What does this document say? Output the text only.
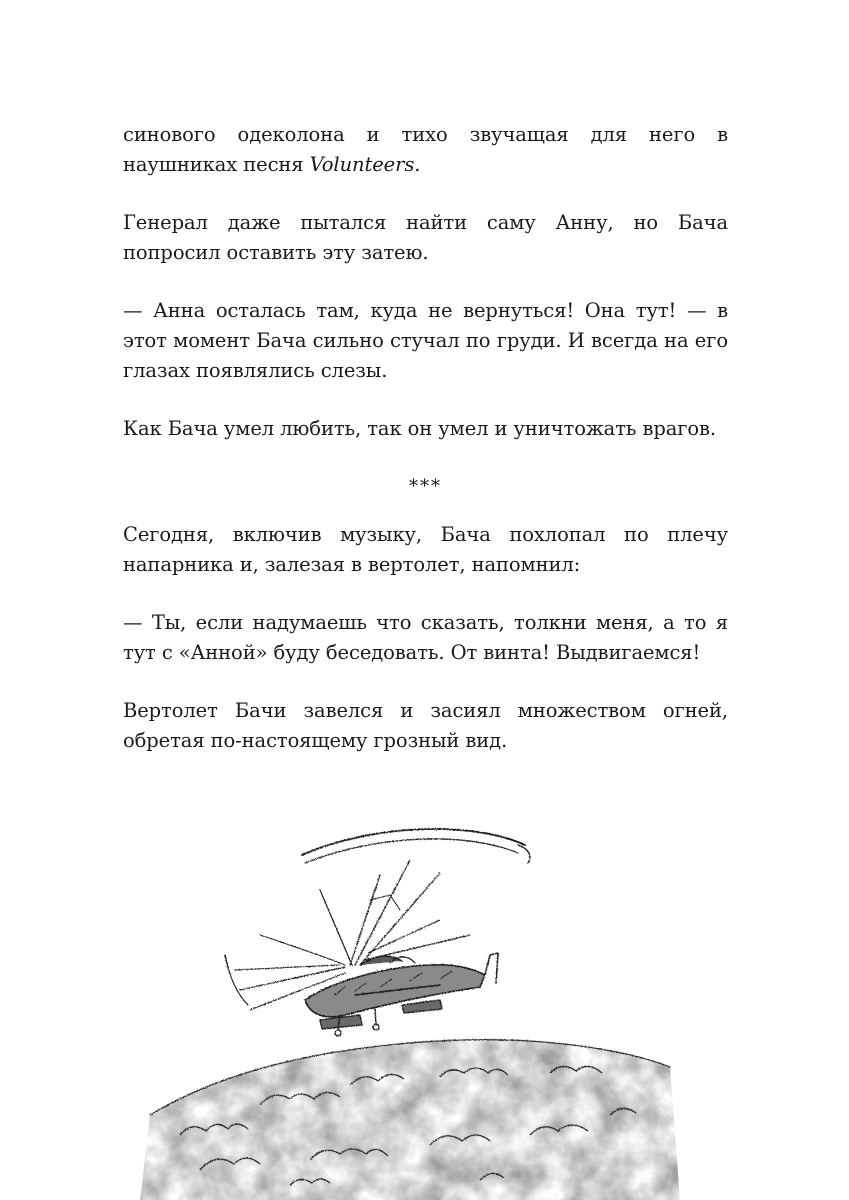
синового одеколона и тихо звучащая для него в наушниках песня Volunteers.

Генерал даже пытался найти саму Анну, но Бача попросил оставить эту затею.

— Анна осталась там, куда не вернуться! Она тут! — в этот момент Бача сильно стучал по груди. И всегда на его глазах появлялись слезы.

Как Бача умел любить, так он умел и уничтожать врагов.

***

Сегодня, включив музыку, Бача похлопал по плечу напарника и, залезая в вертолет, напомнил:

— Ты, если надумаешь что сказать, толкни меня, а то я тут с «Анной» буду беседовать. От винта! Выдвигаемся!

Вертолет Бачи завелся и засиял множеством огней, обретая по-настоящему грозный вид.
